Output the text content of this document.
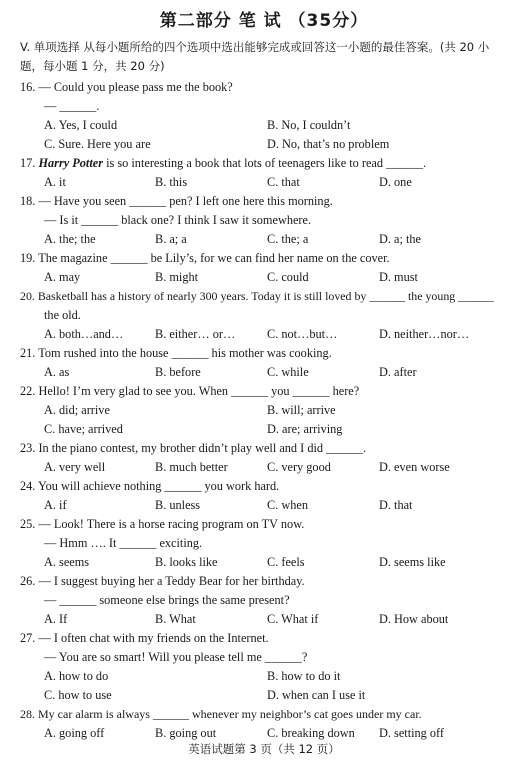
第二部分 笔 试 （35分）
V. 单项选择 从每小题所给的四个选项中选出能够完成或回答这一小题的最佳答案。(共 20 小
题，每小题 1 分，共 20 分)
16. — Could you please pass me the book?
— ______.
A. Yes, I could	B. No, I couldn’t
C. Sure. Here you are	D. No, that’s no problem
17. Harry Potter is so interesting a book that lots of teenagers like to read ______.
A. it	B. this	C. that	D. one
18. — Have you seen ______ pen? I left one here this morning.
— Is it ______ black one? I think I saw it somewhere.
A. the; the	B. a; a	C. the; a	D. a; the
19. The magazine ______ be Lily’s, for we can find her name on the cover.
A. may	B. might	C. could	D. must
20. Basketball has a history of nearly 300 years. Today it is still loved by ______ the young ______
the old.
A. both…and…	B. either… or…	C. not…but…	D. neither…nor…
21. Tom rushed into the house ______ his mother was cooking.
A. as	B. before	C. while	D. after
22. Hello! I’m very glad to see you. When ______ you ______ here?
A. did; arrive	B. will; arrive
C. have; arrived	D. are; arriving
23. In the piano contest, my brother didn’t play well and I did ______.
A. very well	B. much better	C. very good	D. even worse
24. You will achieve nothing ______ you work hard.
A. if	B. unless	C. when	D. that
25. — Look! There is a horse racing program on TV now.
— Hmm …. It ______ exciting.
A. seems	B. looks like	C. feels	D. seems like
26. — I suggest buying her a Teddy Bear for her birthday.
— ______ someone else brings the same present?
A. If	B. What	C. What if	D. How about
27. — I often chat with my friends on the Internet.
— You are so smart! Will you please tell me ______?
A. how to do	B. how to do it
C. how to use	D. when can I use it
28. My car alarm is always ______ whenever my neighbor’s cat goes under my car.
A. going off	B. going out	C. breaking down D. setting off
英语试题第 3 页（共 12 页）
